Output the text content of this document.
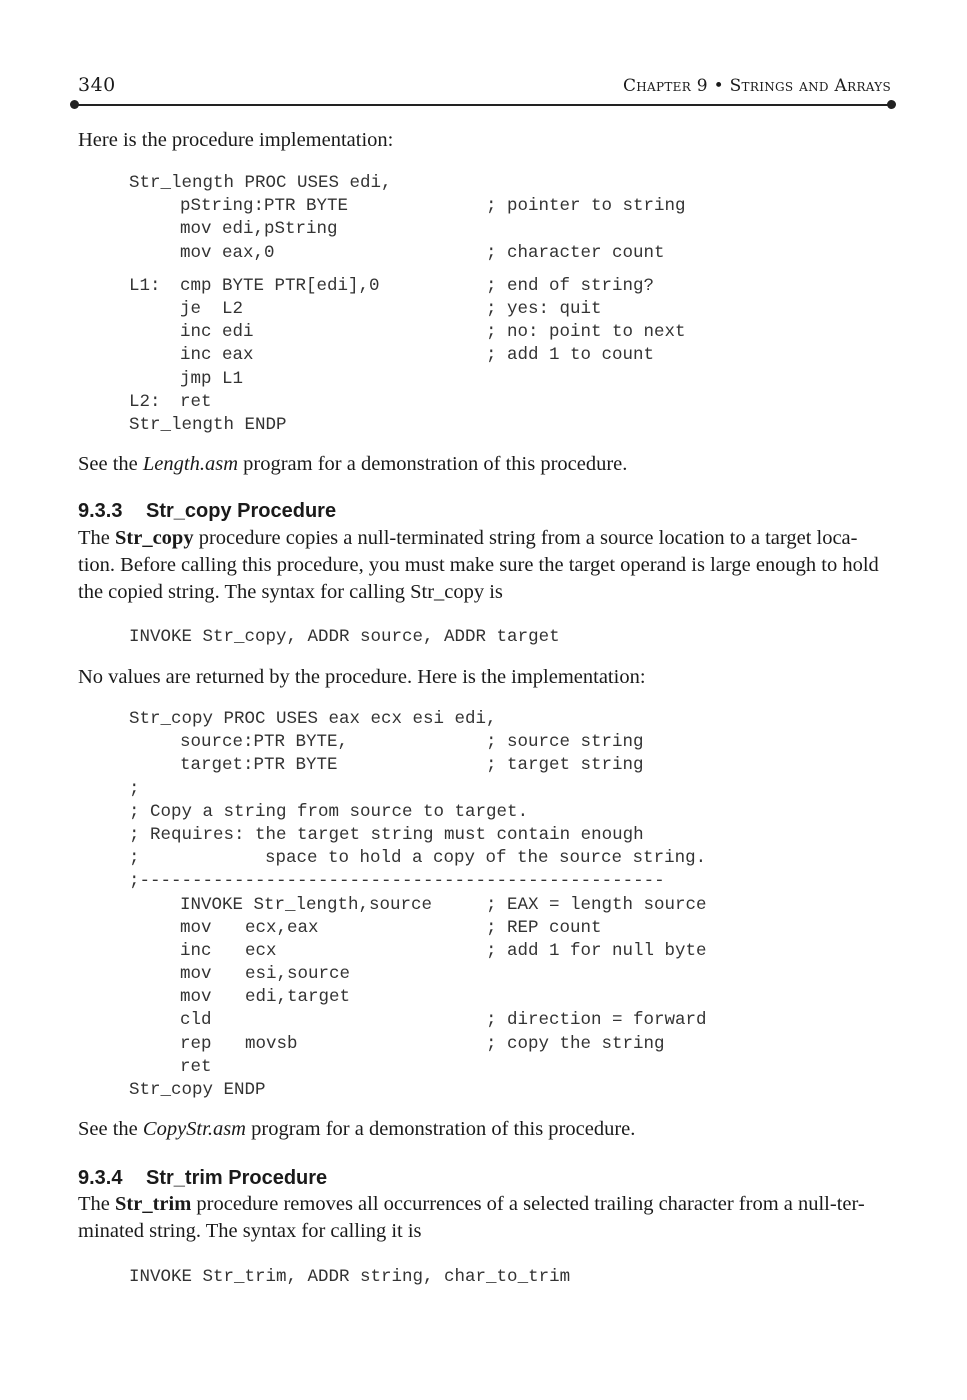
340	Chapter 9 • Strings and Arrays
Here is the procedure implementation:
Str_length PROC USES edi,
pString:PTR BYTE	; pointer to string
mov edi,pString
mov eax,0	; character count
L1: cmp BYTE PTR[edi],0	; end of string?
je  L2	; yes: quit
inc edi	; no: point to next
inc eax	; add 1 to count
jmp L1
L2: ret
Str_length ENDP
See the Length.asm program for a demonstration of this procedure.
9.3.3 Str_copy Procedure
The Str_copy procedure copies a null-terminated string from a source location to a target loca-
tion. Before calling this procedure, you must make sure the target operand is large enough to hold
the copied string. The syntax for calling Str_copy is
INVOKE Str_copy, ADDR source, ADDR target
No values are returned by the procedure. Here is the implementation:
Str_copy PROC USES eax ecx esi edi,
source:PTR BYTE,	; source string
target:PTR BYTE	; target string
;
; Copy a string from source to target.
; Requires: the target string must contain enough
;	space to hold a copy of the source string.
;--------------------------------------------------
INVOKE Str_length,source	; EAX = length source
mov ecx,eax	; REP count
inc ecx	; add 1 for null byte
mov esi,source
mov edi,target
cld	; direction = forward
rep movsb	; copy the string
ret
Str_copy ENDP
See the CopyStr.asm program for a demonstration of this procedure.
9.3.4 Str_trim Procedure
The Str_trim procedure removes all occurrences of a selected trailing character from a null-ter-
minated string. The syntax for calling it is
INVOKE Str_trim, ADDR string, char_to_trim
